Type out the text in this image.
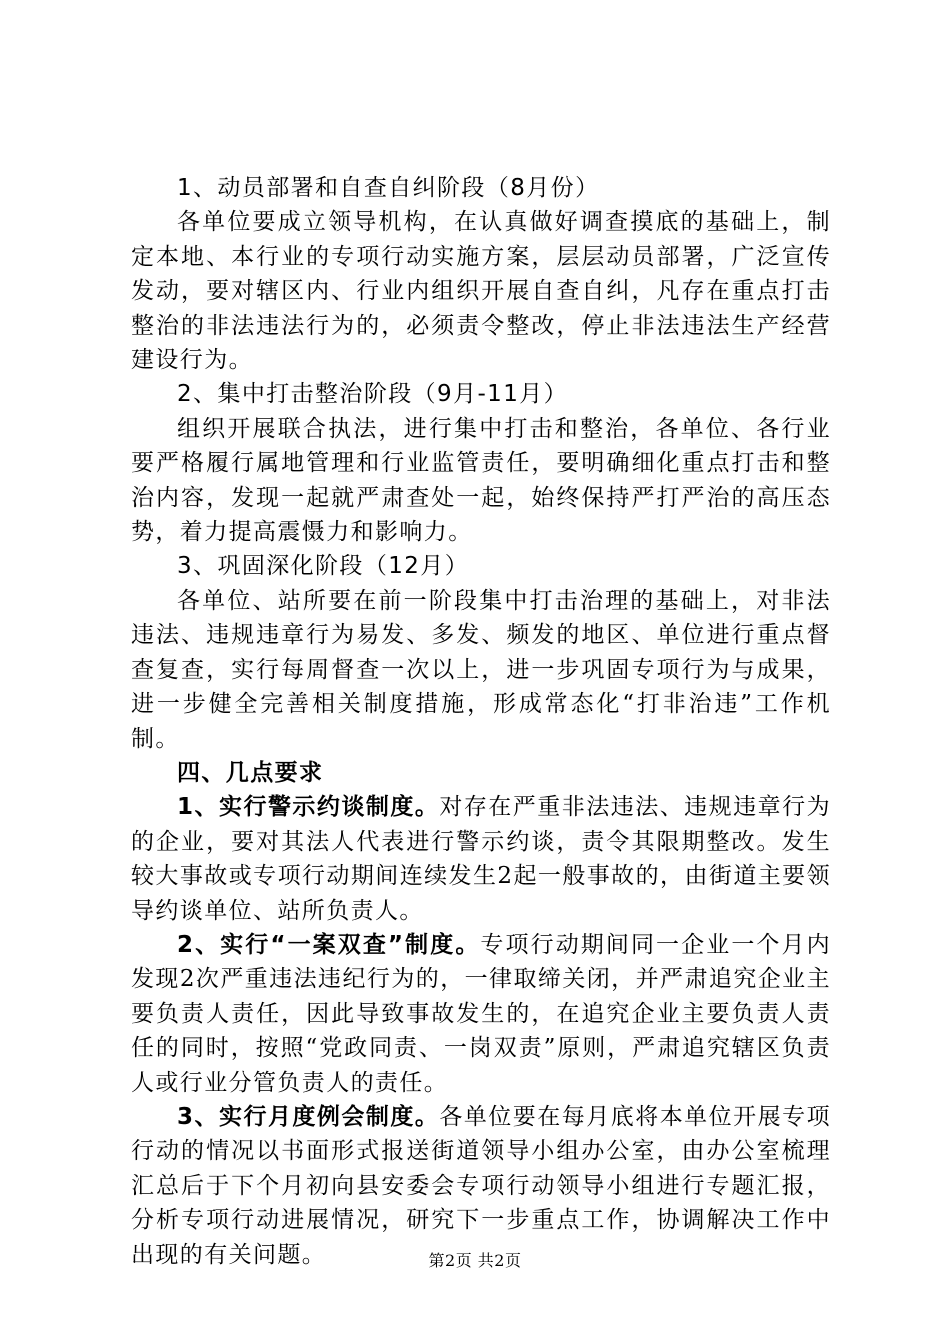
1、动员部署和自查自纠阶段（8月份）

各单位要成立领导机构，在认真做好调查摸底的基础上，制定本地、本行业的专项行动实施方案，层层动员部署，广泛宣传发动，要对辖区内、行业内组织开展自查自纠，凡存在重点打击整治的非法违法行为的，必须责令整改，停止非法违法生产经营建设行为。

2、集中打击整治阶段（9月-11月）

组织开展联合执法，进行集中打击和整治，各单位、各行业要严格履行属地管理和行业监管责任，要明确细化重点打击和整治内容，发现一起就严肃查处一起，始终保持严打严治的高压态势，着力提高震慑力和影响力。

3、巩固深化阶段（12月）

各单位、站所要在前一阶段集中打击治理的基础上，对非法违法、违规违章行为易发、多发、频发的地区、单位进行重点督查复查，实行每周督查一次以上，进一步巩固专项行为与成果，进一步健全完善相关制度措施，形成常态化“打非治违”工作机制。

四、几点要求

1、实行警示约谈制度。对存在严重非法违法、违规违章行为的企业，要对其法人代表进行警示约谈，责令其限期整改。发生较大事故或专项行动期间连续发生2起一般事故的，由街道主要领导约谈单位、站所负责人。

2、实行“一案双查”制度。专项行动期间同一企业一个月内发现2次严重违法违纪行为的，一律取缔关闭，并严肃追究企业主要负责人责任，因此导致事故发生的，在追究企业主要负责人责任的同时，按照“党政同责、一岗双责”原则，严肃追究辖区负责人或行业分管负责人的责任。

3、实行月度例会制度。各单位要在每月底将本单位开展专项行动的情况以书面形式报送街道领导小组办公室，由办公室梳理汇总后于下个月初向县安委会专项行动领导小组进行专题汇报，分析专项行动进展情况，研究下一步重点工作，协调解决工作中出现的有关问题。	第2页 共2页
